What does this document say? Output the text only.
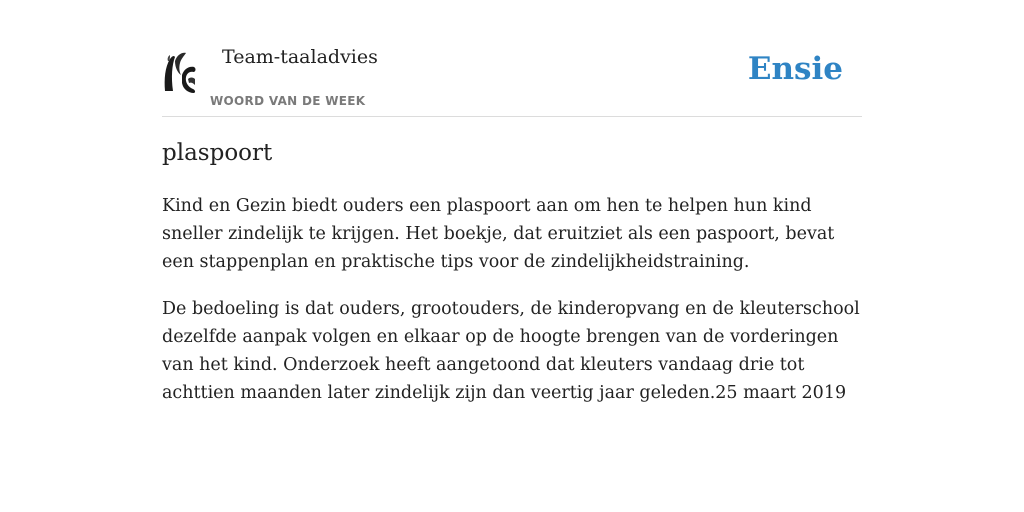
Team-taaladvies
WOORD VAN DE WEEK
Ensie
plaspoort
Kind en Gezin biedt ouders een plaspoort aan om hen te helpen hun kind sneller zindelijk te krijgen. Het boekje, dat eruitziet als een paspoort, bevat een stappenplan en praktische tips voor de zindelijkheidstraining.
De bedoeling is dat ouders, grootouders, de kinderopvang en de kleuterschool dezelfde aanpak volgen en elkaar op de hoogte brengen van de vorderingen van het kind. Onderzoek heeft aangetoond dat kleuters vandaag drie tot achttien maanden later zindelijk zijn dan veertig jaar geleden.25 maart 2019
